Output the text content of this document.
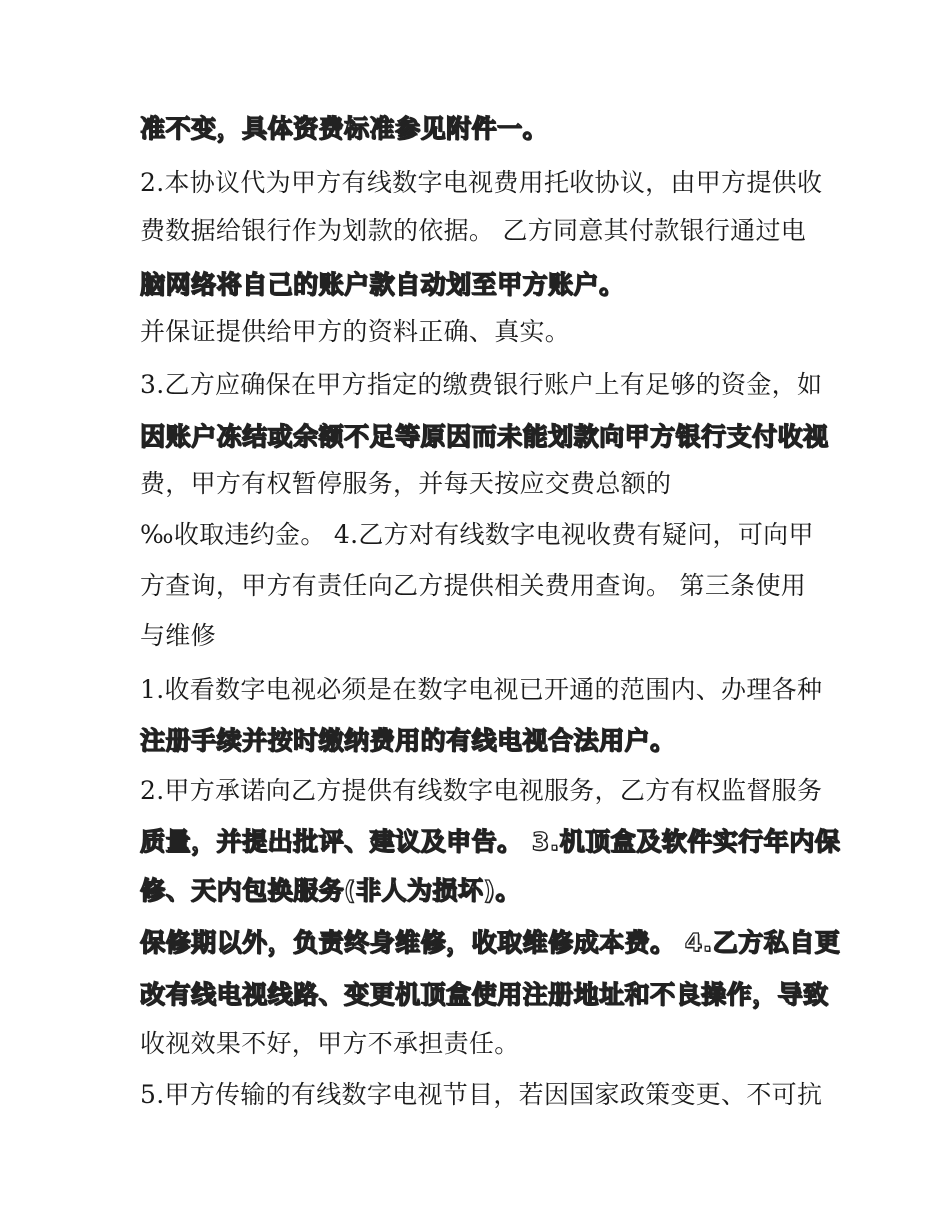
准不变，具体资费标准参见附件一。
2.本协议代为甲方有线数字电视费用托收协议，由甲方提供收
费数据给银行作为划款的依据。 乙方同意其付款银行通过电
脑网络将自己的账户款自动划至甲方账户。
并保证提供给甲方的资料正确、真实。
3.乙方应确保在甲方指定的缴费银行账户上有足够的资金，如
因账户冻结或余额不足等原因而未能划款向甲方银行支付收视
费，甲方有权暂停服务，并每天按应交费总额的
‰收取违约金。 4.乙方对有线数字电视收费有疑问，可向甲
方查询，甲方有责任向乙方提供相关费用查询。 第三条使用
与维修
1.收看数字电视必须是在数字电视已开通的范围内、办理各种
注册手续并按时缴纳费用的有线电视合法用户。
2.甲方承诺向乙方提供有线数字电视服务，乙方有权监督服务
质量，并提出批评、建议及申告。 3.机顶盒及软件实行年内保
修、天内包换服务(非人为损坏)。
保修期以外，负责终身维修，收取维修成本费。 4.乙方私自更
改有线电视线路、变更机顶盒使用注册地址和不良操作，导致
收视效果不好，甲方不承担责任。
5.甲方传输的有线数字电视节目，若因国家政策变更、不可抗
